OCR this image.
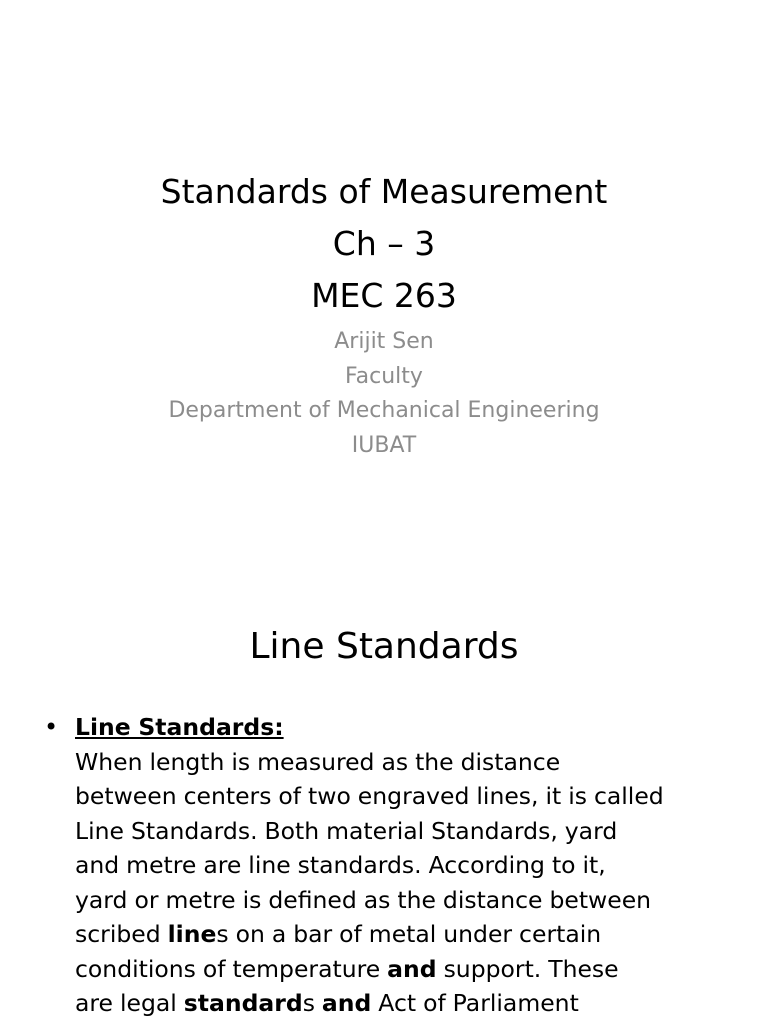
Standards of Measurement
Ch – 3
MEC 263
Arijit Sen
Faculty
Department of Mechanical Engineering
IUBAT
Line Standards
• Line Standards:
When length is measured as the distance
between centers of two engraved lines, it is called
Line Standards. Both material Standards, yard
and metre are line standards. According to it,
yard or metre is defined as the distance between
scribed lines on a bar of metal under certain
conditions of temperature and support. These
are legal standards and Act of Parliament
